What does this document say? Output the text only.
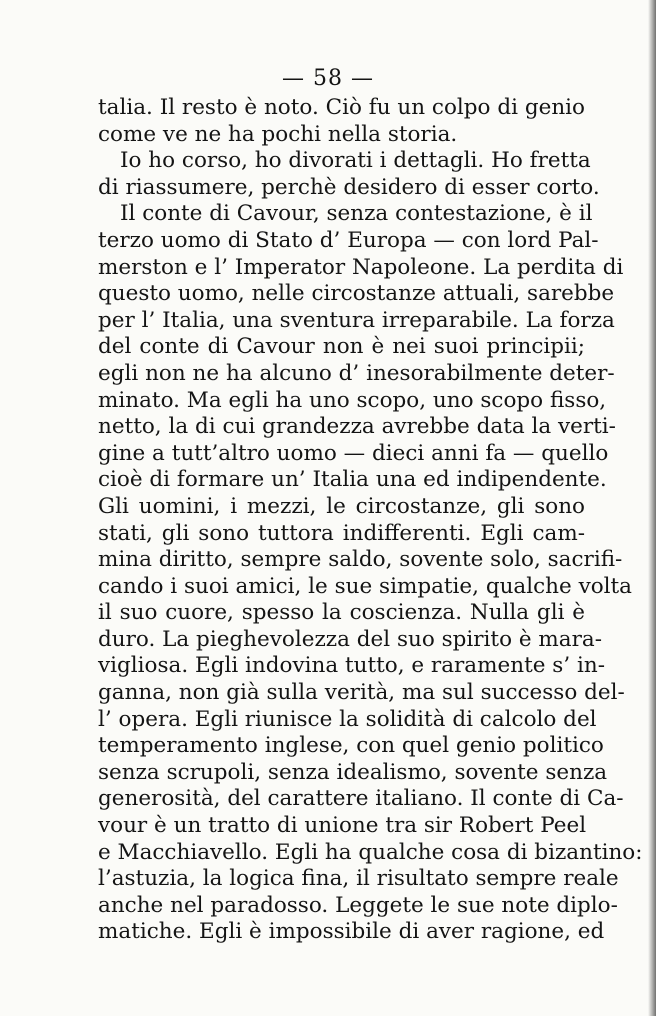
— 58 —
talia. Il resto è noto. Ciò fu un colpo di genio
come ve ne ha pochi nella storia.
Io ho corso, ho divorati i dettagli. Ho fretta
di riassumere, perchè desidero di esser corto.
Il conte di Cavour, senza contestazione, è il
terzo uomo di Stato d’ Europa — con lord Pal-
merston e l’ Imperator Napoleone. La perdita di
questo uomo, nelle circostanze attuali, sarebbe
per l’ Italia, una sventura irreparabile. La forza
del conte di Cavour non è nei suoi principii;
egli non ne ha alcuno d’ inesorabilmente deter-
minato. Ma egli ha uno scopo, uno scopo fisso,
netto, la di cui grandezza avrebbe data la verti-
gine a tutt’altro uomo — dieci anni fa — quello
cioè di formare un’ Italia una ed indipendente.
Gli uomini, i mezzi, le circostanze, gli sono
stati, gli sono tuttora indifferenti. Egli cam-
mina diritto, sempre saldo, sovente solo, sacrifi-
cando i suoi amici, le sue simpatie, qualche volta
il suo cuore, spesso la coscienza. Nulla gli è
duro. La pieghevolezza del suo spirito è mara-
vigliosa. Egli indovina tutto, e raramente s’ in-
ganna, non già sulla verità, ma sul successo del-
l’ opera. Egli riunisce la solidità di calcolo del
temperamento inglese, con quel genio politico
senza scrupoli, senza idealismo, sovente senza
generosità, del carattere italiano. Il conte di Ca-
vour è un tratto di unione tra sir Robert Peel
e Macchiavello. Egli ha qualche cosa di bizantino:
l’astuzia, la logica fina, il risultato sempre reale
anche nel paradosso. Leggete le sue note diplo-
matiche. Egli è impossibile di aver ragione, ed
